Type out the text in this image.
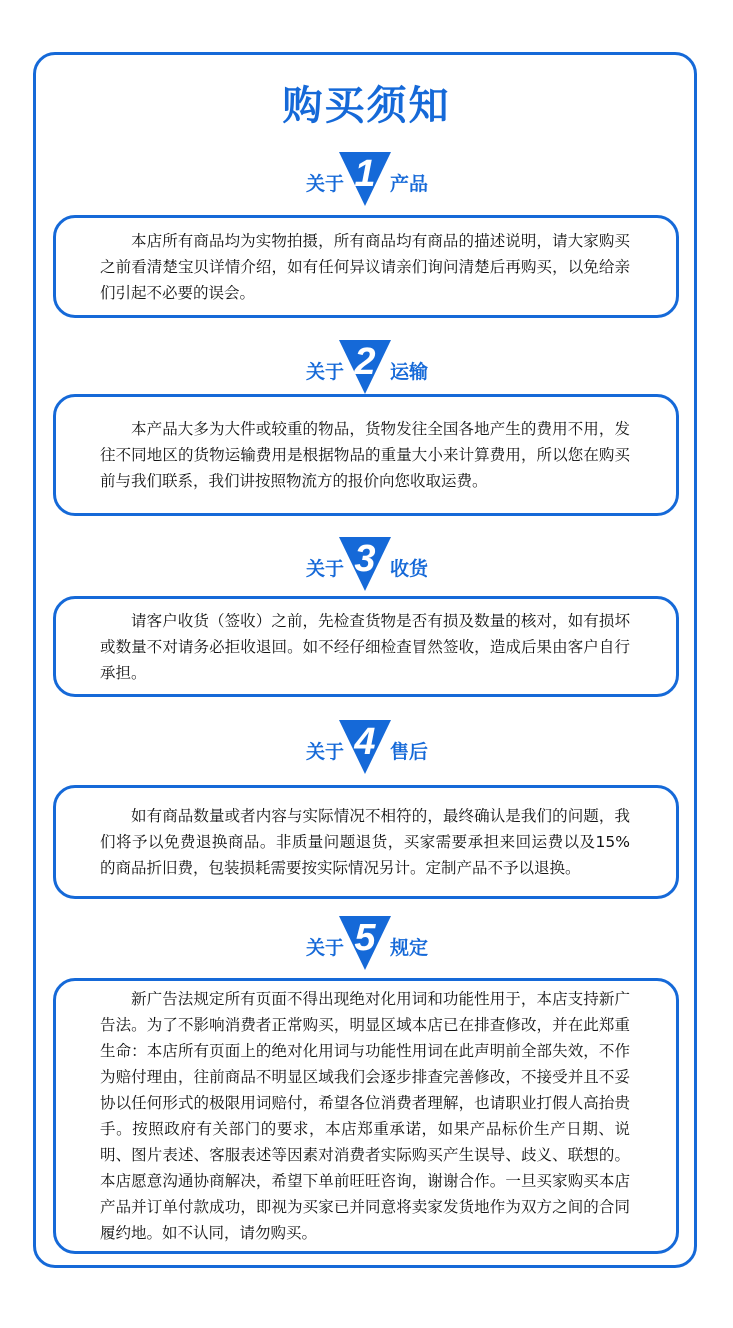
购买须知
关于 1 产品

本店所有商品均为实物拍摄，所有商品均有商品的描述说明，请大家购买之前看清楚宝贝详情介绍，如有任何异议请亲们询问清楚后再购买，以免给亲们引起不必要的误会。

关于 2 运输

本产品大多为大件或较重的物品，货物发往全国各地产生的费用不用，发往不同地区的货物运输费用是根据物品的重量大小来计算费用，所以您在购买前与我们联系，我们讲按照物流方的报价向您收取运费。

关于 3 收货

请客户收货（签收）之前，先检查货物是否有损及数量的核对，如有损坏或数量不对请务必拒收退回。如不经仔细检查冒然签收，造成后果由客户自行承担。

关于 4 售后

如有商品数量或者内容与实际情况不相符的，最终确认是我们的问题，我们将予以免费退换商品。非质量问题退货，买家需要承担来回运费以及15%的商品折旧费，包装损耗需要按实际情况另计。定制产品不予以退换。

关于 5 规定

新广告法规定所有页面不得出现绝对化用词和功能性用于，本店支持新广告法。为了不影响消费者正常购买，明显区域本店已在排查修改，并在此郑重生命：本店所有页面上的绝对化用词与功能性用词在此声明前全部失效，不作为赔付理由，往前商品不明显区域我们会逐步排查完善修改，不接受并且不妥协以任何形式的极限用词赔付，希望各位消费者理解，也请职业打假人高抬贵手。按照政府有关部门的要求，本店郑重承诺，如果产品标价生产日期、说明、图片表述、客服表述等因素对消费者实际购买产生误导、歧义、联想的。本店愿意沟通协商解决，希望下单前旺旺咨询，谢谢合作。一旦买家购买本店产品并订单付款成功，即视为买家已并同意将卖家发货地作为双方之间的合同履约地。如不认同，请勿购买。
